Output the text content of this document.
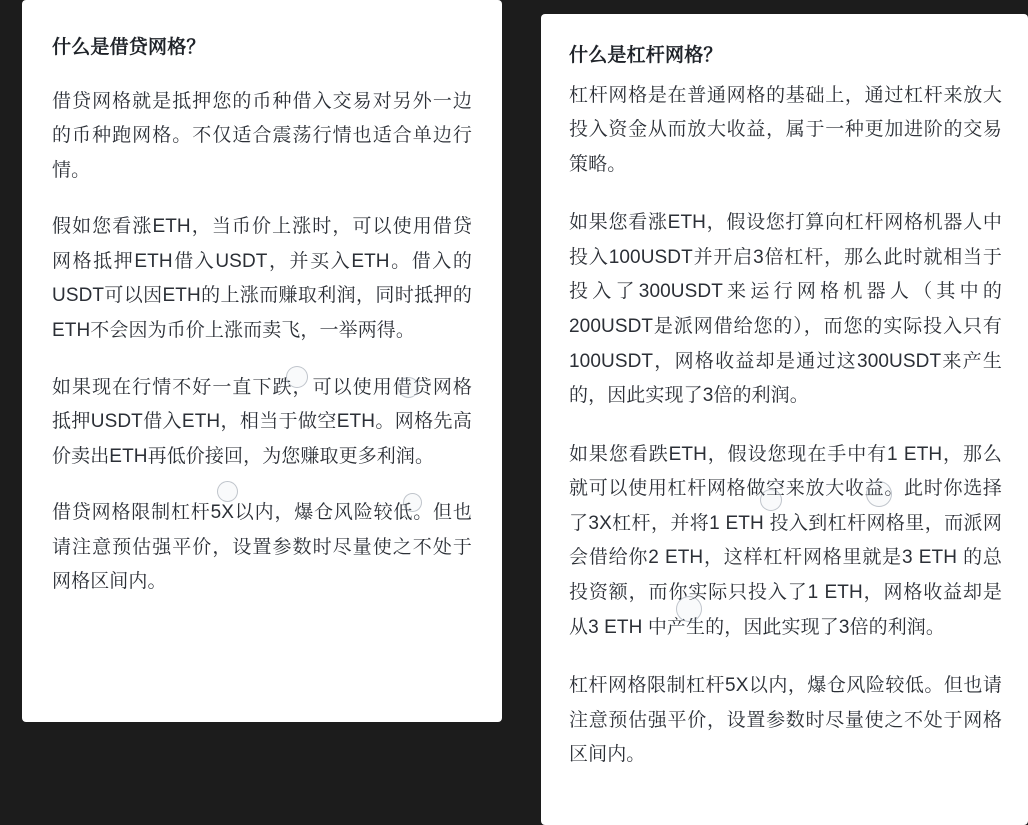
什么是借贷网格？

借贷网格就是抵押您的币种借入交易对另外一边的币种跑网格。不仅适合震荡行情也适合单边行情。

假如您看涨ETH，当币价上涨时，可以使用借贷网格抵押ETH借入USDT，并买入ETH。借入的USDT可以因ETH的上涨而赚取利润，同时抵押的ETH不会因为币价上涨而卖飞，一举两得。

如果现在行情不好一直下跌，可以使用借贷网格抵押USDT借入ETH，相当于做空ETH。网格先高价卖出ETH再低价接回，为您赚取更多利润。

借贷网格限制杠杆5X以内，爆仓风险较低。但也请注意预估强平价，设置参数时尽量使之不处于网格区间内。

什么是杠杆网格？

杠杆网格是在普通网格的基础上，通过杠杆来放大投入资金从而放大收益，属于一种更加进阶的交易策略。

如果您看涨ETH，假设您打算向杠杆网格机器人中投入100USDT并开启3倍杠杆，那么此时就相当于投入了300USDT来运行网格机器人（其中的200USDT是派网借给您的），而您的实际投入只有100USDT，网格收益却是通过这300USDT来产生的，因此实现了3倍的利润。

如果您看跌ETH，假设您现在手中有1 ETH，那么就可以使用杠杆网格做空来放大收益。此时你选择了3X杠杆，并将1 ETH 投入到杠杆网格里，而派网会借给你2 ETH，这样杠杆网格里就是3 ETH 的总投资额，而你实际只投入了1 ETH，网格收益却是从3 ETH 中产生的，因此实现了3倍的利润。

杠杆网格限制杠杆5X以内，爆仓风险较低。但也请注意预估强平价，设置参数时尽量使之不处于网格区间内。
